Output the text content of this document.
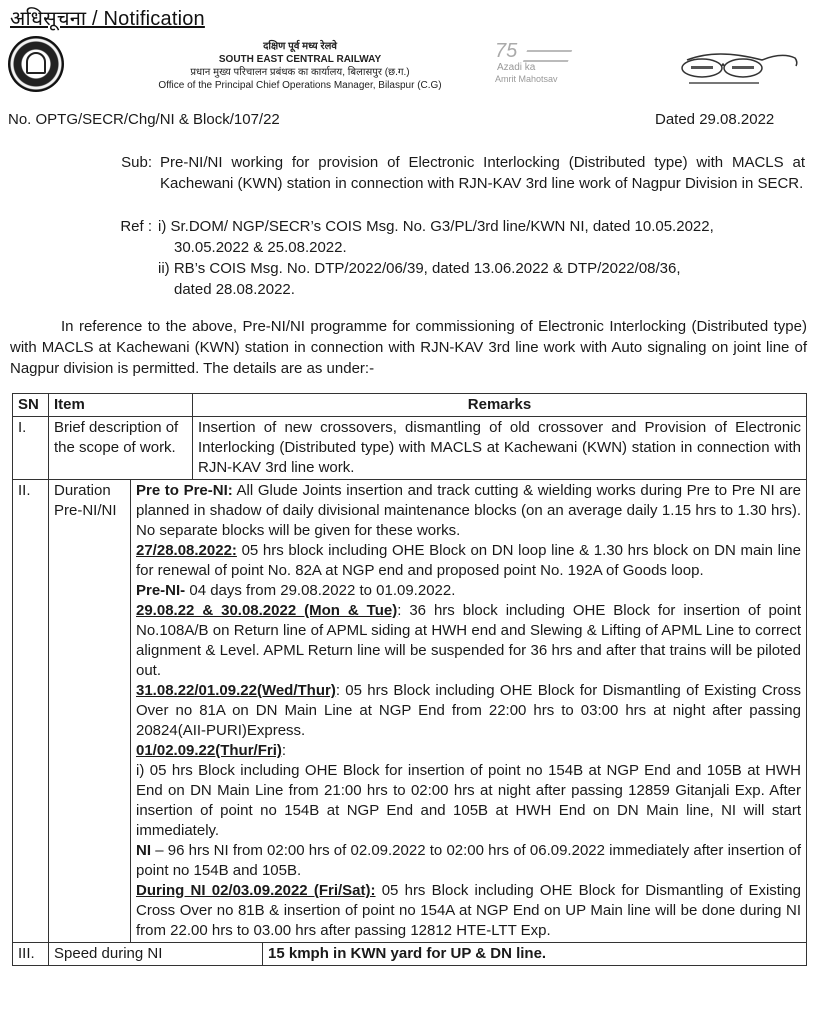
अधिसूचना / Notification
दक्षिण पूर्व मध्य रेलवे
SOUTH EAST CENTRAL RAILWAY
प्रधान मुख्य परिचालन प्रबंधक का कार्यालय, बिलासपुर (छ.ग.)
Office of the Principal Chief Operations Manager, Bilaspur (C.G)
75
Azadi ka
Amrit Mahotsav
No. OPTG/SECR/Chg/NI & Block/107/22	Dated 29.08.2022
Sub: Pre-NI/NI working for provision of Electronic Interlocking (Distributed type) with MACLS at Kachewani (KWN) station in connection with RJN-KAV 3rd line work of Nagpur Division in SECR.
Ref : i) Sr.DOM/ NGP/SECR’s COIS Msg. No. G3/PL/3rd line/KWN NI, dated 10.05.2022,
30.05.2022 & 25.08.2022.
ii) RB’s COIS Msg. No. DTP/2022/06/39, dated 13.06.2022 & DTP/2022/08/36,
dated 28.08.2022.
In reference to the above, Pre-NI/NI programme for commissioning of Electronic Interlocking (Distributed type) with MACLS at Kachewani (KWN) station in connection with RJN-KAV 3rd line work with Auto signaling on joint line of Nagpur division is permitted. The details are as under:-
SN	Item		Remarks	
I.	Brief description of the scope of work.		Insertion of new crossovers, dismantling of old crossover and Provision of Electronic Interlocking (Distributed type) with MACLS at Kachewani (KWN) station in connection with RJN-KAV 3rd line work.	
II.	Duration Pre-NI/NI	
Pre to Pre-NI: All Glude Joints insertion and track cutting & wielding works during Pre to Pre NI are planned in shadow of daily divisional maintenance blocks (on an average daily 1.15 hrs to 1.30 hrs). No separate blocks will be given for these works.
27/28.08.2022: 05 hrs block including OHE Block on DN loop line & 1.30 hrs block on DN main line for renewal of point No. 82A at NGP end and proposed point No. 192A of Goods loop.
Pre-NI- 04 days from 29.08.2022 to 01.09.2022.
29.08.22 & 30.08.2022 (Mon & Tue): 36 hrs block including OHE Block for insertion of point No.108A/B on Return line of APML siding at HWH end and Slewing & Lifting of APML Line to correct alignment & Level. APML Return line will be suspended for 36 hrs and after that trains will be piloted out.
31.08.22/01.09.22(Wed/Thur): 05 hrs Block including OHE Block for Dismantling of Existing Cross Over no 81A on DN Main Line at NGP End from 22:00 hrs to 03:00 hrs at night after passing 20824(AII-PURI)Express.
01/02.09.22(Thur/Fri):
i) 05 hrs Block including OHE Block for insertion of point no 154B at NGP End and 105B at HWH End on DN Main Line from 21:00 hrs to 02:00 hrs at night after passing 12859 Gitanjali Exp. After insertion of point no 154B at NGP End and 105B at HWH End on DN Main line, NI will start immediately.
NI – 96 hrs NI from 02:00 hrs of 02.09.2022 to 02:00 hrs of 06.09.2022 immediately after insertion of point no 154B and 105B.
During NI 02/03.09.2022 (Fri/Sat): 05 hrs Block including OHE Block for Dismantling of Existing Cross Over no 81B & insertion of point no 154A at NGP End on UP Main line will be done during NI from 22.00 hrs to 03.00 hrs after passing 12812 HTE-LTT Exp.

III.	Speed during NI			15 kmph in KWN yard for UP & DN line.
